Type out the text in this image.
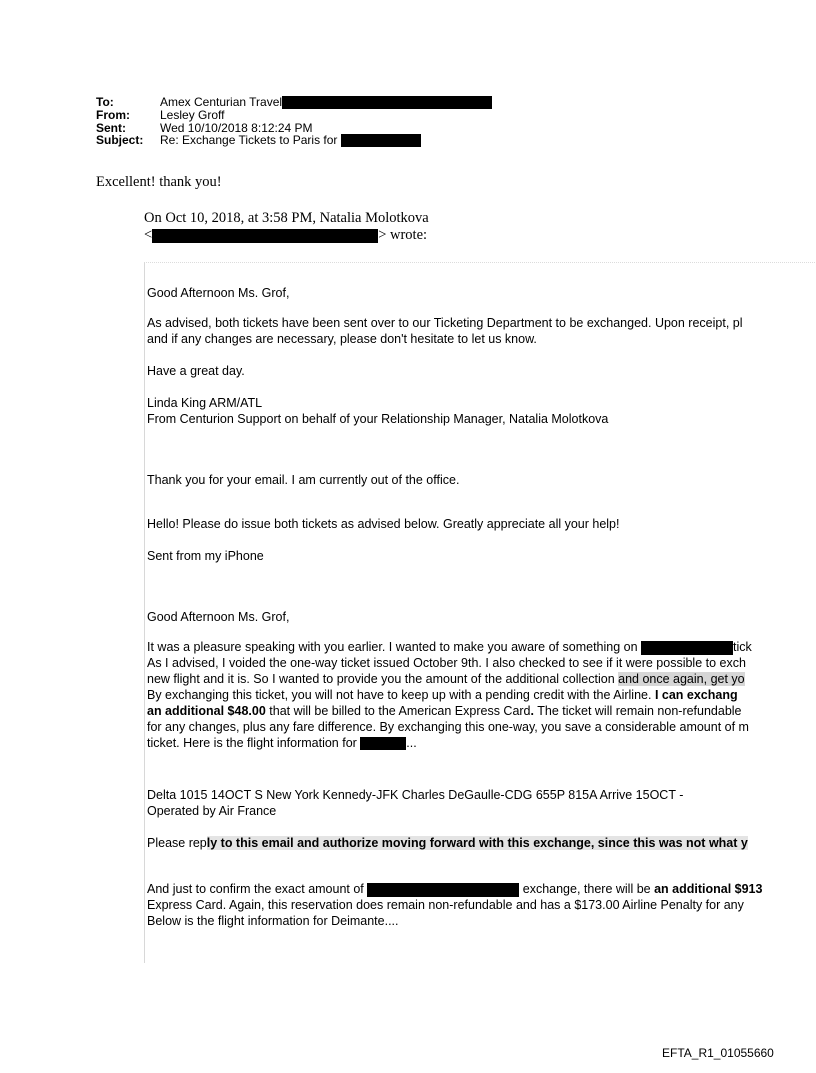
To:	Amex Centurian Travel
From:	Lesley Groff
Sent:	Wed 10/10/2018 8:12:24 PM
Subject:	Re: Exchange Tickets to Paris for
Excellent! thank you!
On Oct 10, 2018, at 3:58 PM, Natalia Molotkova
<	> wrote:
Good Afternoon Ms. Grof,
As advised, both tickets have been sent over to our Ticketing Department to be exchanged. Upon receipt, pl
and if any changes are necessary, please don't hesitate to let us know.
Have a great day.
Linda King ARM/ATL
From Centurion Support on behalf of your Relationship Manager, Natalia Molotkova
Thank you for your email. I am currently out of the office.
Hello! Please do issue both tickets as advised below. Greatly appreciate all your help!
Sent from my iPhone
Good Afternoon Ms. Grof,
It was a pleasure speaking with you earlier. I wanted to make you aware of something on	tick
As I advised, I voided the one-way ticket issued October 9th. I also checked to see if it were possible to exch
new flight and it is. So I wanted to provide you the amount of the additional collection and once again, get yo
By exchanging this ticket, you will not have to keep up with a pending credit with the Airline. I can exchang
an additional $48.00 that will be billed to the American Express Card. The ticket will remain non-refundable
for any changes, plus any fare difference. By exchanging this one-way, you save a considerable amount of m
ticket. Here is the flight information for	...
Delta 1015 14OCT S New York Kennedy-JFK Charles DeGaulle-CDG 655P 815A Arrive 15OCT -
Operated by Air France
Please reply to this email and authorize moving forward with this exchange, since this was not what y
And just to confirm the exact amount of	exchange, there will be an additional $913
Express Card. Again, this reservation does remain non-refundable and has a $173.00 Airline Penalty for any
Below is the flight information for Deimante....
EFTA_R1_01055660
